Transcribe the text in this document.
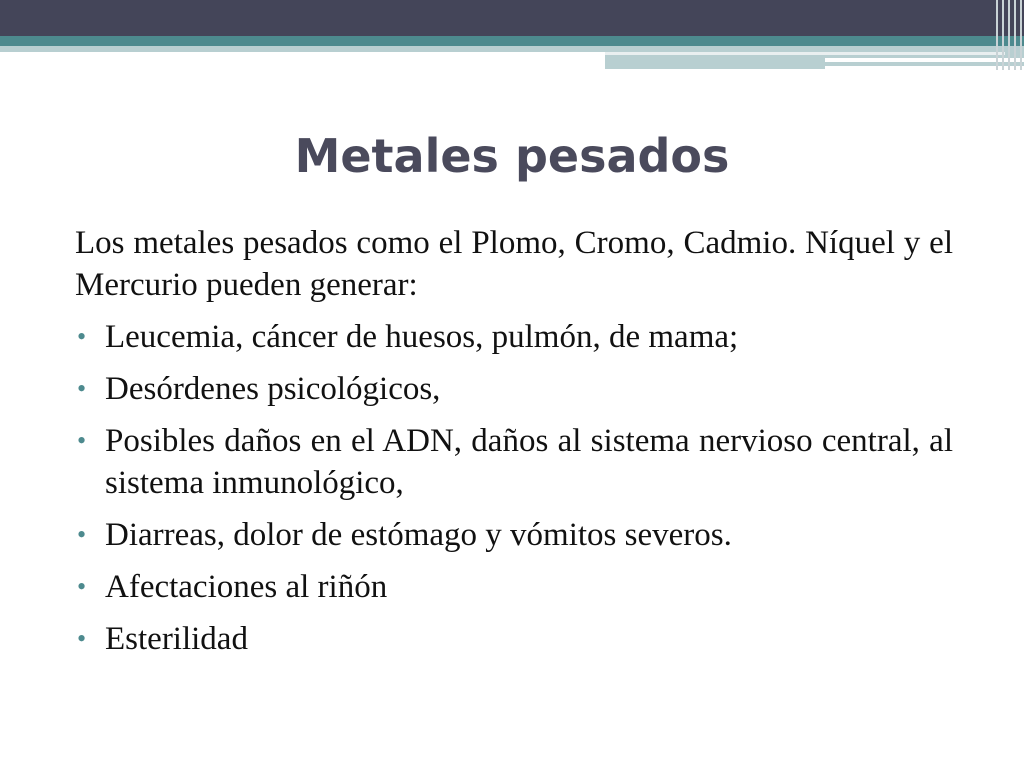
Metales pesados

Los metales pesados como el Plomo, Cromo, Cadmio. Níquel y el Mercurio pueden generar:

• Leucemia, cáncer de huesos, pulmón, de mama;
• Desórdenes psicológicos,
• Posibles daños en el ADN, daños al sistema nervioso central, al sistema inmunológico,
• Diarreas, dolor de estómago y vómitos severos.
• Afectaciones al riñón
• Esterilidad
